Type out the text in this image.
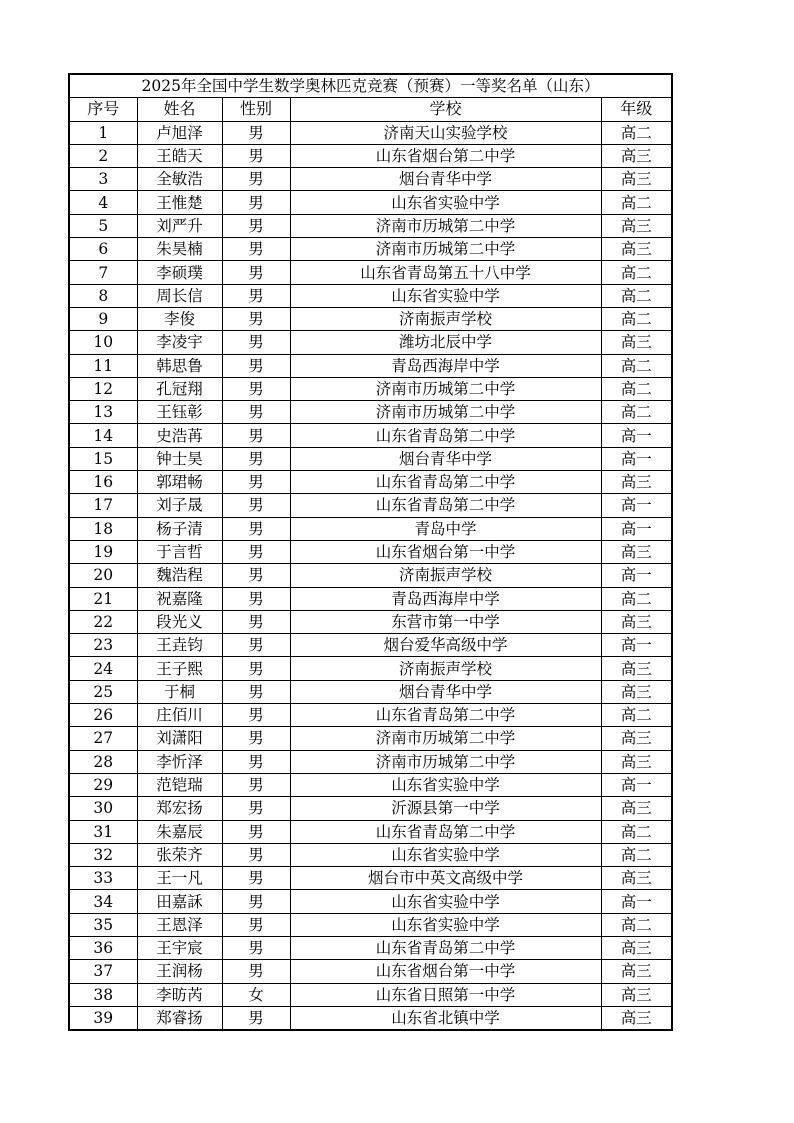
2025年全国中学生数学奥林匹克竞赛（预赛）一等奖名单（山东）				
序号	姓名	性别	学校	年级
1	卢旭泽	男	济南天山实验学校	高二
2	王皓天	男	山东省烟台第二中学	高三
3	全敏浩	男	烟台青华中学	高三
4	王惟楚	男	山东省实验中学	高二
5	刘严升	男	济南市历城第二中学	高三
6	朱昊楠	男	济南市历城第二中学	高三
7	李硕璞	男	山东省青岛第五十八中学	高二
8	周长信	男	山东省实验中学	高二
9	李俊	男	济南振声学校	高二
10	李凌宇	男	潍坊北辰中学	高三
11	韩思鲁	男	青岛西海岸中学	高二
12	孔冠翔	男	济南市历城第二中学	高二
13	王钰彰	男	济南市历城第二中学	高二
14	史浩苒	男	山东省青岛第二中学	高一
15	钟士昊	男	烟台青华中学	高一
16	郭珺畅	男	山东省青岛第二中学	高三
17	刘子晟	男	山东省青岛第二中学	高一
18	杨子清	男	青岛中学	高一
19	于言哲	男	山东省烟台第一中学	高三
20	魏浩程	男	济南振声学校	高一
21	祝嘉隆	男	青岛西海岸中学	高二
22	段光义	男	东营市第一中学	高三
23	王垚钧	男	烟台爱华高级中学	高一
24	王子熙	男	济南振声学校	高三
25	于桐	男	烟台青华中学	高三
26	庄佰川	男	山东省青岛第二中学	高二
27	刘潇阳	男	济南市历城第二中学	高三
28	李忻泽	男	济南市历城第二中学	高三
29	范铠瑞	男	山东省实验中学	高一
30	郑宏扬	男	沂源县第一中学	高三
31	朱嘉辰	男	山东省青岛第二中学	高二
32	张荣齐	男	山东省实验中学	高二
33	王一凡	男	烟台市中英文高级中学	高三
34	田嘉訸	男	山东省实验中学	高一
35	王恩泽	男	山东省实验中学	高二
36	王宇宸	男	山东省青岛第二中学	高三
37	王润杨	男	山东省烟台第一中学	高三
38	李昉芮	女	山东省日照第一中学	高三
39	郑睿扬	男	山东省北镇中学	高三
